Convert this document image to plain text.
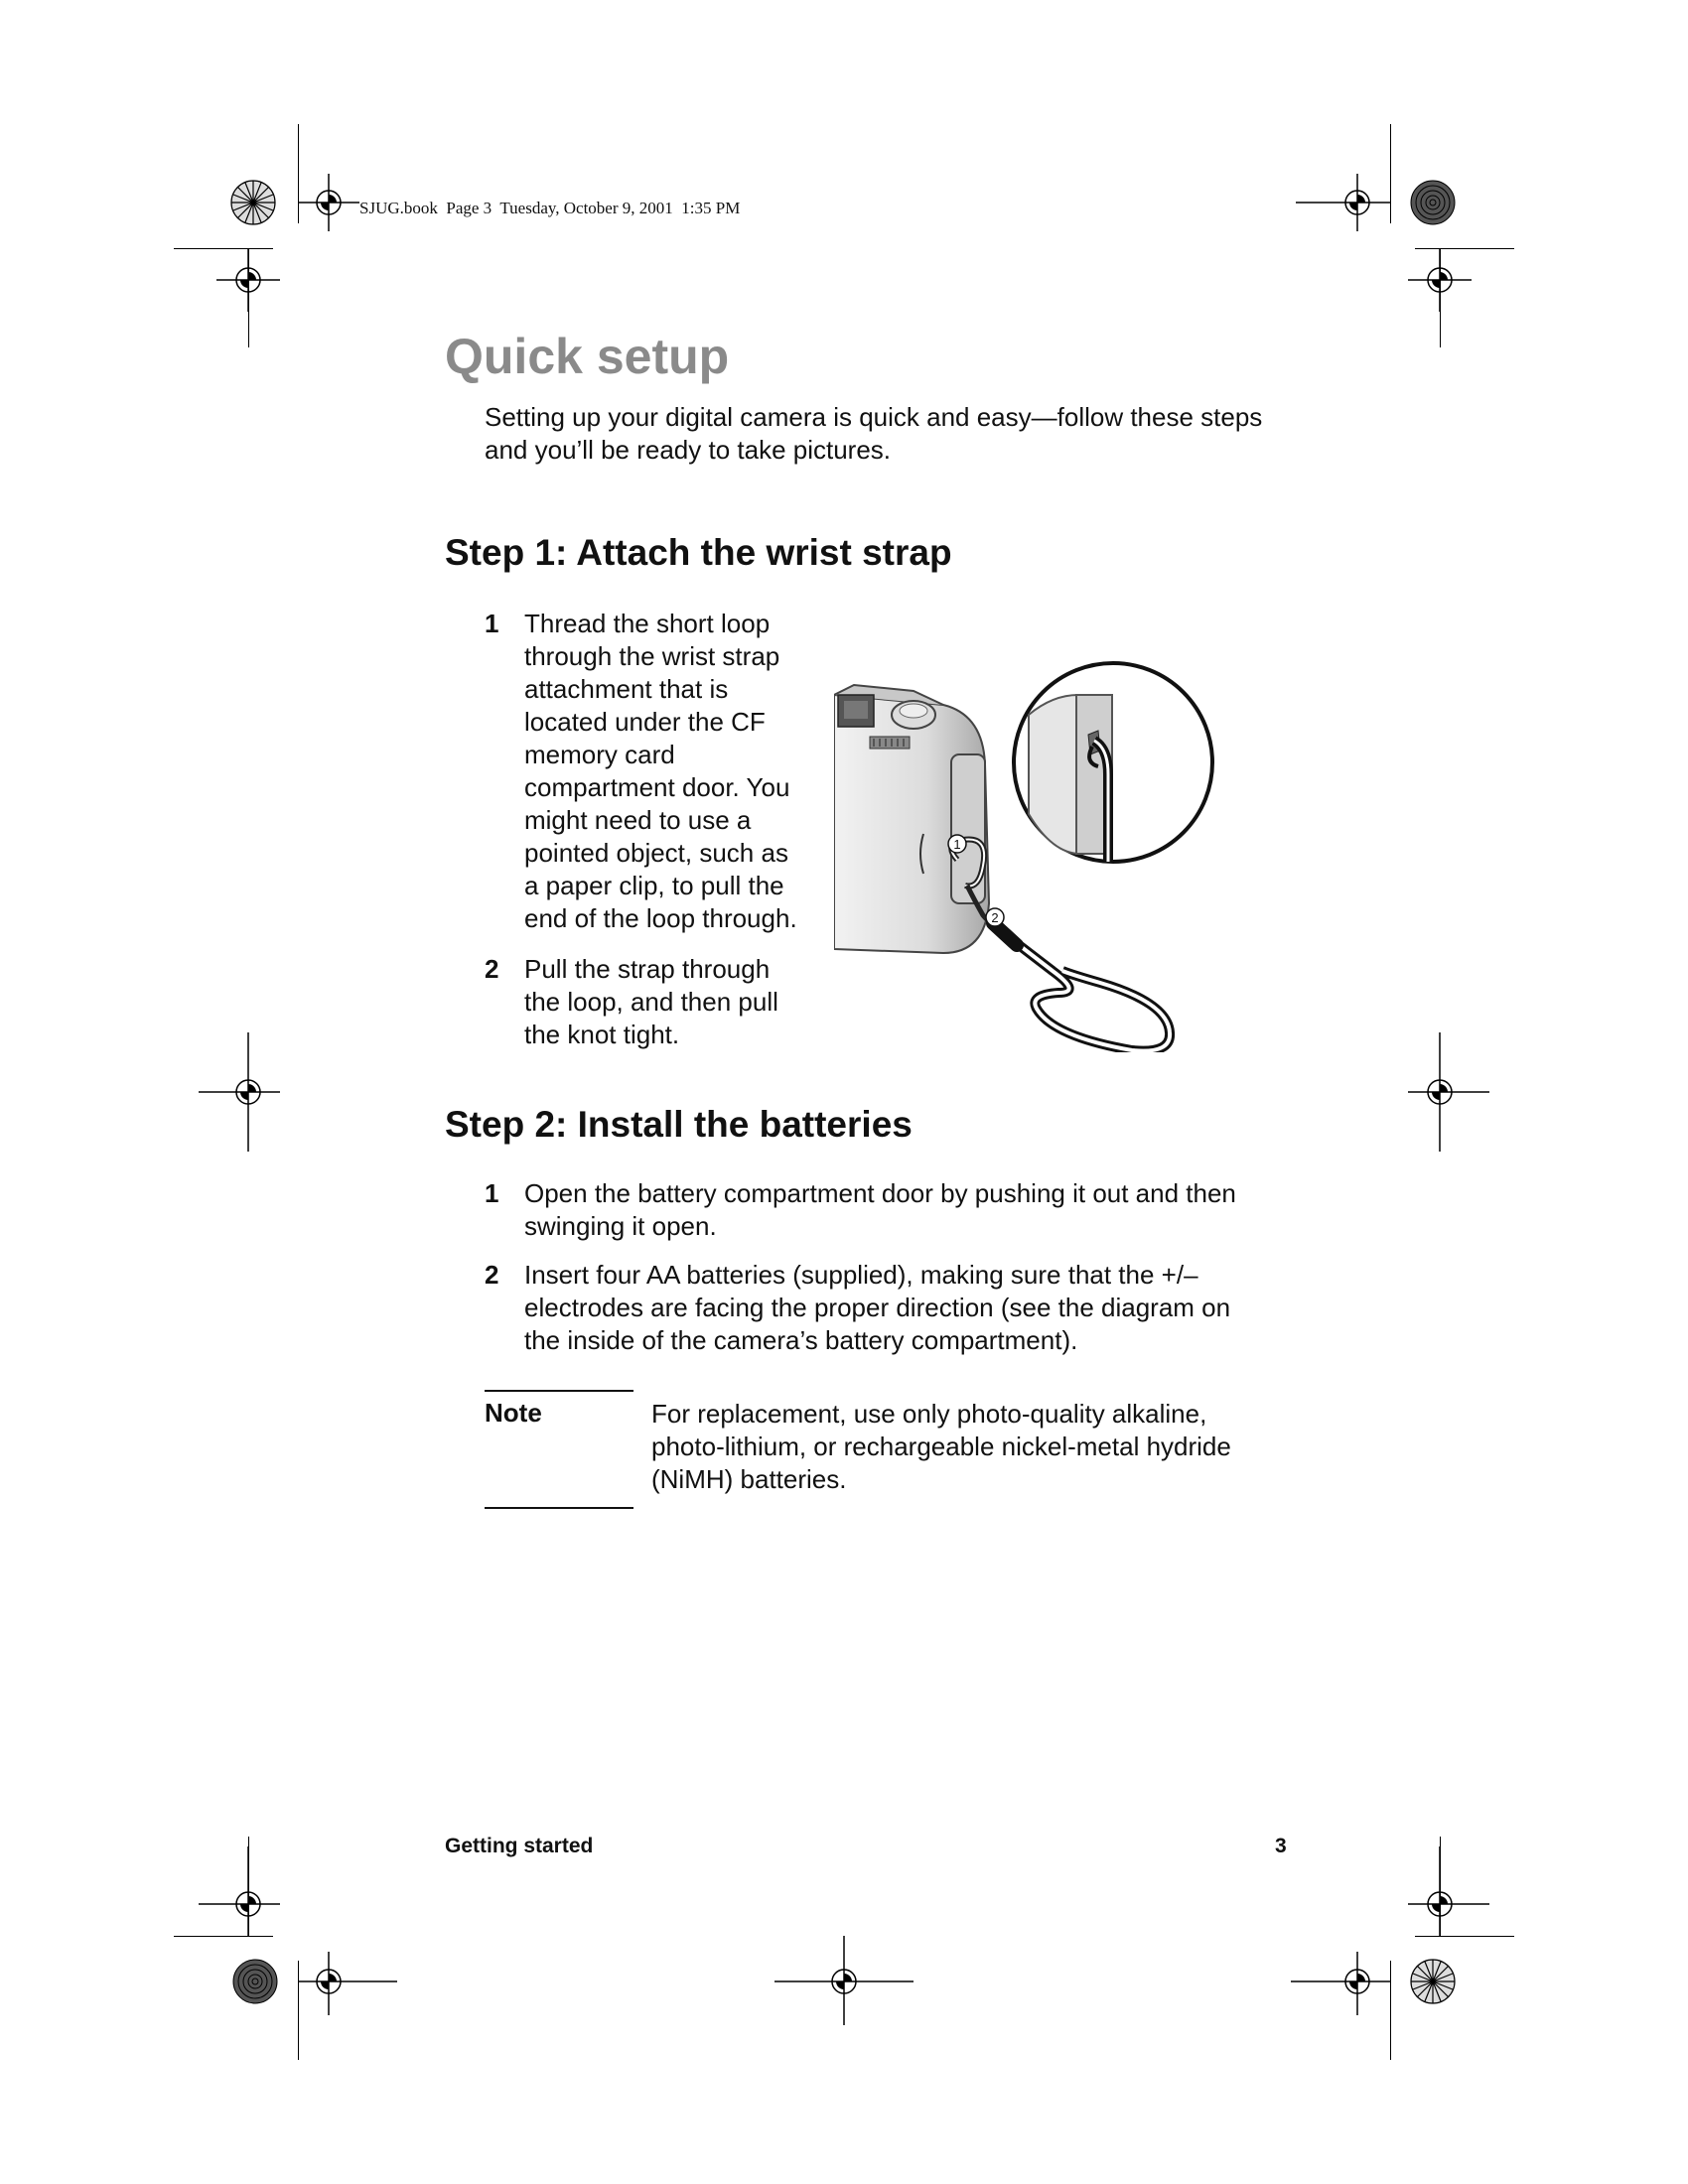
SJUG.book Page 3 Tuesday, October 9, 2001 1:35 PM
Quick setup
Setting up your digital camera is quick and easy—follow these steps and you’ll be ready to take pictures.
Step 1: Attach the wrist strap
1 Thread the short loop
through the wrist strap
attachment that is
located under the CF
memory card
compartment door. You
might need to use a
pointed object, such as
a paper clip, to pull the
end of the loop through.
2 Pull the strap through
the loop, and then pull
the knot tight.
1
2
Step 2: Install the batteries
1 Open the battery compartment door by pushing it out and then
swinging it open.
2 Insert four AA batteries (supplied), making sure that the +/–
electrodes are facing the proper direction (see the diagram on
the inside of the camera’s battery compartment).
Note	For replacement, use only photo-quality alkaline,
photo-lithium, or rechargeable nickel-metal hydride
(NiMH) batteries.
Getting started	3
